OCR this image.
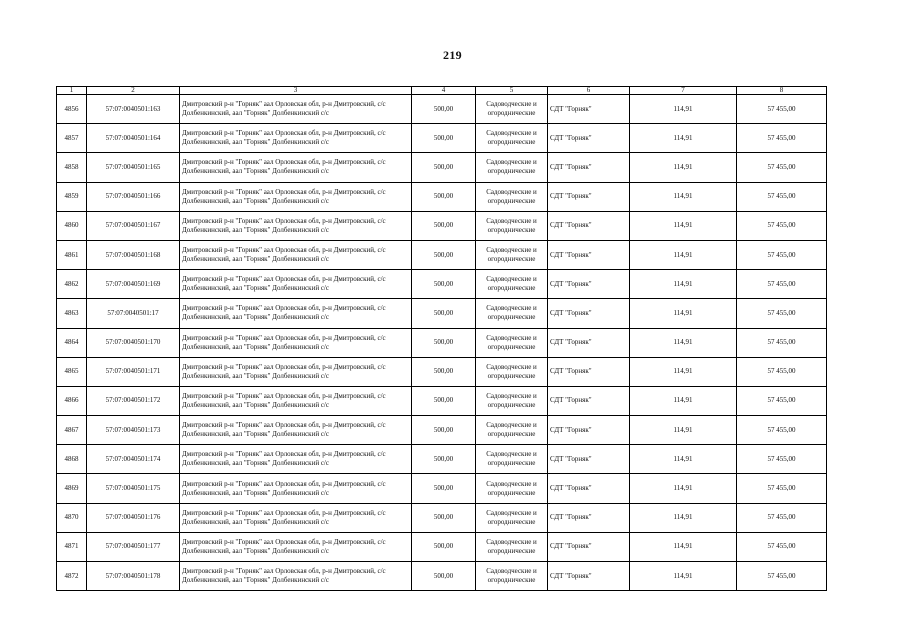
219
1	2	3	4	5	6	7	8
4856	57:07:0040501:163	Дмитровский р-н "Горняк" аал Орловская обл, р-н Дмитровский, с/с Долбенкинский, аал "Горняк" Долбенкинский с/с	500,00	Садоводческие и огороднические	СДТ "Горняк"	114,91	57 455,00
4857	57:07:0040501:164	Дмитровский р-н "Горняк" аал Орловская обл, р-н Дмитровский, с/с Долбенкинский, аал "Горняк" Долбенкинский с/с	500,00	Садоводческие и огороднические	СДТ "Горняк"	114,91	57 455,00
4858	57:07:0040501:165	Дмитровский р-н "Горняк" аал Орловская обл, р-н Дмитровский, с/с Долбенкинский, аал "Горняк" Долбенкинский с/с	500,00	Садоводческие и огороднические	СДТ "Горняк"	114,91	57 455,00
4859	57:07:0040501:166	Дмитровский р-н "Горняк" аал Орловская обл, р-н Дмитровский, с/с Долбенкинский, аал "Горняк" Долбенкинский с/с	500,00	Садоводческие и огороднические	СДТ "Горняк"	114,91	57 455,00
4860	57:07:0040501:167	Дмитровский р-н "Горняк" аал Орловская обл, р-н Дмитровский, с/с Долбенкинский, аал "Горняк" Долбенкинский с/с	500,00	Садоводческие и огороднические	СДТ "Горняк"	114,91	57 455,00
4861	57:07:0040501:168	Дмитровский р-н "Горняк" аал Орловская обл, р-н Дмитровский, с/с Долбенкинский, аал "Горняк" Долбенкинский с/с	500,00	Садоводческие и огороднические	СДТ "Горняк"	114,91	57 455,00
4862	57:07:0040501:169	Дмитровский р-н "Горняк" аал Орловская обл, р-н Дмитровский, с/с Долбенкинский, аал "Горняк" Долбенкинский с/с	500,00	Садоводческие и огороднические	СДТ "Горняк"	114,91	57 455,00
4863	57:07:0040501:17	Дмитровский р-н "Горняк" аал Орловская обл, р-н Дмитровский, с/с Долбенкинский, аал "Горняк" Долбенкинский с/с	500,00	Садоводческие и огороднические	СДТ "Горняк"	114,91	57 455,00
4864	57:07:0040501:170	Дмитровский р-н "Горняк" аал Орловская обл, р-н Дмитровский, с/с Долбенкинский, аал "Горняк" Долбенкинский с/с	500,00	Садоводческие и огороднические	СДТ "Горняк"	114,91	57 455,00
4865	57:07:0040501:171	Дмитровский р-н "Горняк" аал Орловская обл, р-н Дмитровский, с/с Долбенкинский, аал "Горняк" Долбенкинский с/с	500,00	Садоводческие и огороднические	СДТ "Горняк"	114,91	57 455,00
4866	57:07:0040501:172	Дмитровский р-н "Горняк" аал Орловская обл, р-н Дмитровский, с/с Долбенкинский, аал "Горняк" Долбенкинский с/с	500,00	Садоводческие и огороднические	СДТ "Горняк"	114,91	57 455,00
4867	57:07:0040501:173	Дмитровский р-н "Горняк" аал Орловская обл, р-н Дмитровский, с/с Долбенкинский, аал "Горняк" Долбенкинский с/с	500,00	Садоводческие и огороднические	СДТ "Горняк"	114,91	57 455,00
4868	57:07:0040501:174	Дмитровский р-н "Горняк" аал Орловская обл, р-н Дмитровский, с/с Долбенкинский, аал "Горняк" Долбенкинский с/с	500,00	Садоводческие и огороднические	СДТ "Горняк"	114,91	57 455,00
4869	57:07:0040501:175	Дмитровский р-н "Горняк" аал Орловская обл, р-н Дмитровский, с/с Долбенкинский, аал "Горняк" Долбенкинский с/с	500,00	Садоводческие и огороднические	СДТ "Горняк"	114,91	57 455,00
4870	57:07:0040501:176	Дмитровский р-н "Горняк" аал Орловская обл, р-н Дмитровский, с/с Долбенкинский, аал "Горняк" Долбенкинский с/с	500,00	Садоводческие и огороднические	СДТ "Горняк"	114,91	57 455,00
4871	57:07:0040501:177	Дмитровский р-н "Горняк" аал Орловская обл, р-н Дмитровский, с/с Долбенкинский, аал "Горняк" Долбенкинский с/с	500,00	Садоводческие и огороднические	СДТ "Горняк"	114,91	57 455,00
4872	57:07:0040501:178	Дмитровский р-н "Горняк" аал Орловская обл, р-н Дмитровский, с/с Долбенкинский, аал "Горняк" Долбенкинский с/с	500,00	Садоводческие и огороднические	СДТ "Горняк"	114,91	57 455,00
